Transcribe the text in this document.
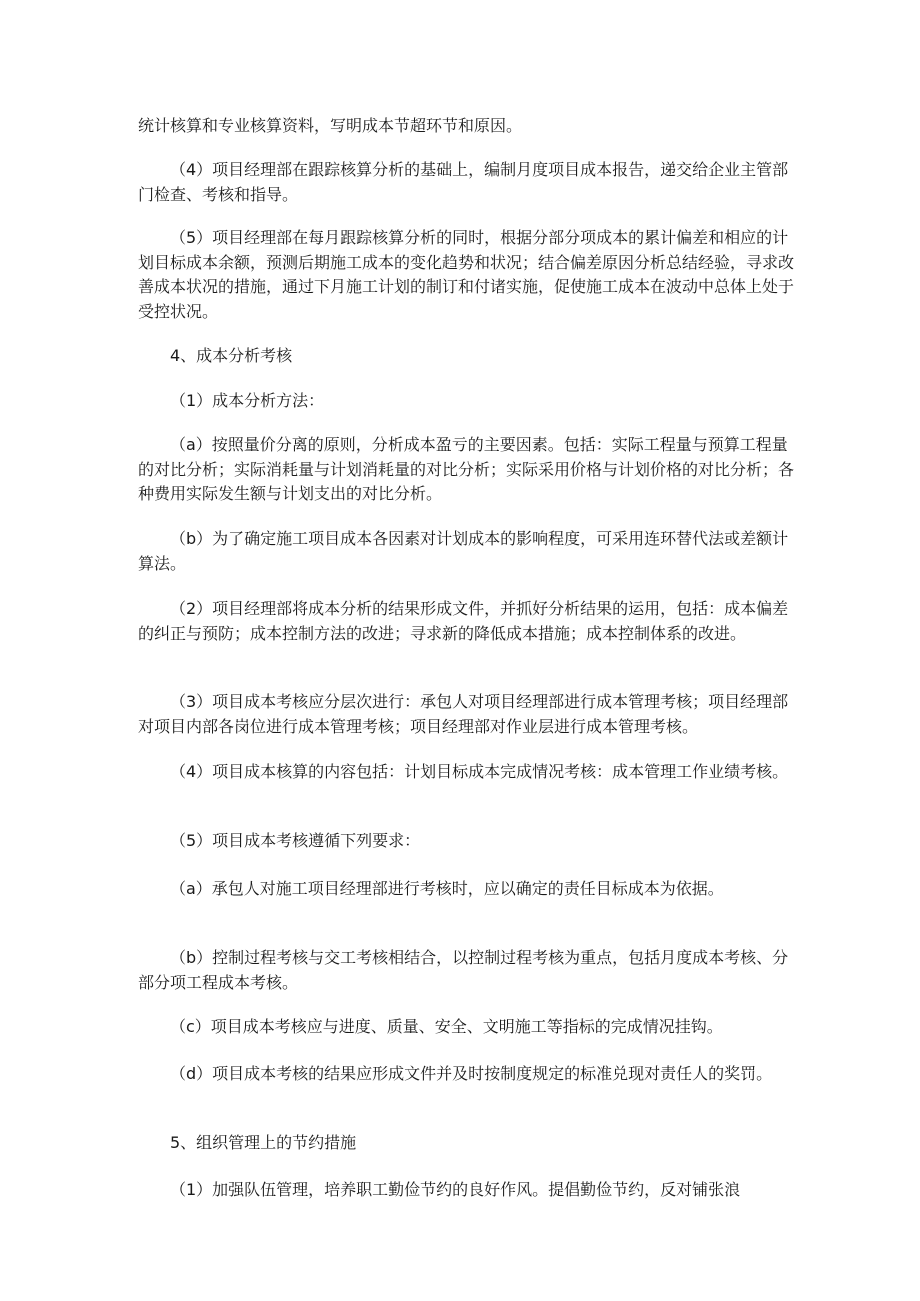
统计核算和专业核算资料，写明成本节超环节和原因。

（4）项目经理部在跟踪核算分析的基础上，编制月度项目成本报告，递交给企业主管部门检查、考核和指导。

（5）项目经理部在每月跟踪核算分析的同时，根据分部分项成本的累计偏差和相应的计划目标成本余额，预测后期施工成本的变化趋势和状况；结合偏差原因分析总结经验，寻求改善成本状况的措施，通过下月施工计划的制订和付诸实施，促使施工成本在波动中总体上处于受控状况。

4、成本分析考核

（1）成本分析方法：

（a）按照量价分离的原则，分析成本盈亏的主要因素。包括：实际工程量与预算工程量的对比分析；实际消耗量与计划消耗量的对比分析；实际采用价格与计划价格的对比分析；各种费用实际发生额与计划支出的对比分析。

（b）为了确定施工项目成本各因素对计划成本的影响程度，可采用连环替代法或差额计算法。

（2）项目经理部将成本分析的结果形成文件，并抓好分析结果的运用，包括：成本偏差的纠正与预防；成本控制方法的改进；寻求新的降低成本措施；成本控制体系的改进。

（3）项目成本考核应分层次进行：承包人对项目经理部进行成本管理考核；项目经理部对项目内部各岗位进行成本管理考核；项目经理部对作业层进行成本管理考核。

（4）项目成本核算的内容包括：计划目标成本完成情况考核：成本管理工作业绩考核。

（5）项目成本考核遵循下列要求：

（a）承包人对施工项目经理部进行考核时，应以确定的责任目标成本为依据。

（b）控制过程考核与交工考核相结合，以控制过程考核为重点，包括月度成本考核、分部分项工程成本考核。

（c）项目成本考核应与进度、质量、安全、文明施工等指标的完成情况挂钩。

（d）项目成本考核的结果应形成文件并及时按制度规定的标准兑现对责任人的奖罚。

5、组织管理上的节约措施

（1）加强队伍管理，培养职工勤俭节约的良好作风。提倡勤俭节约，反对铺张浪
